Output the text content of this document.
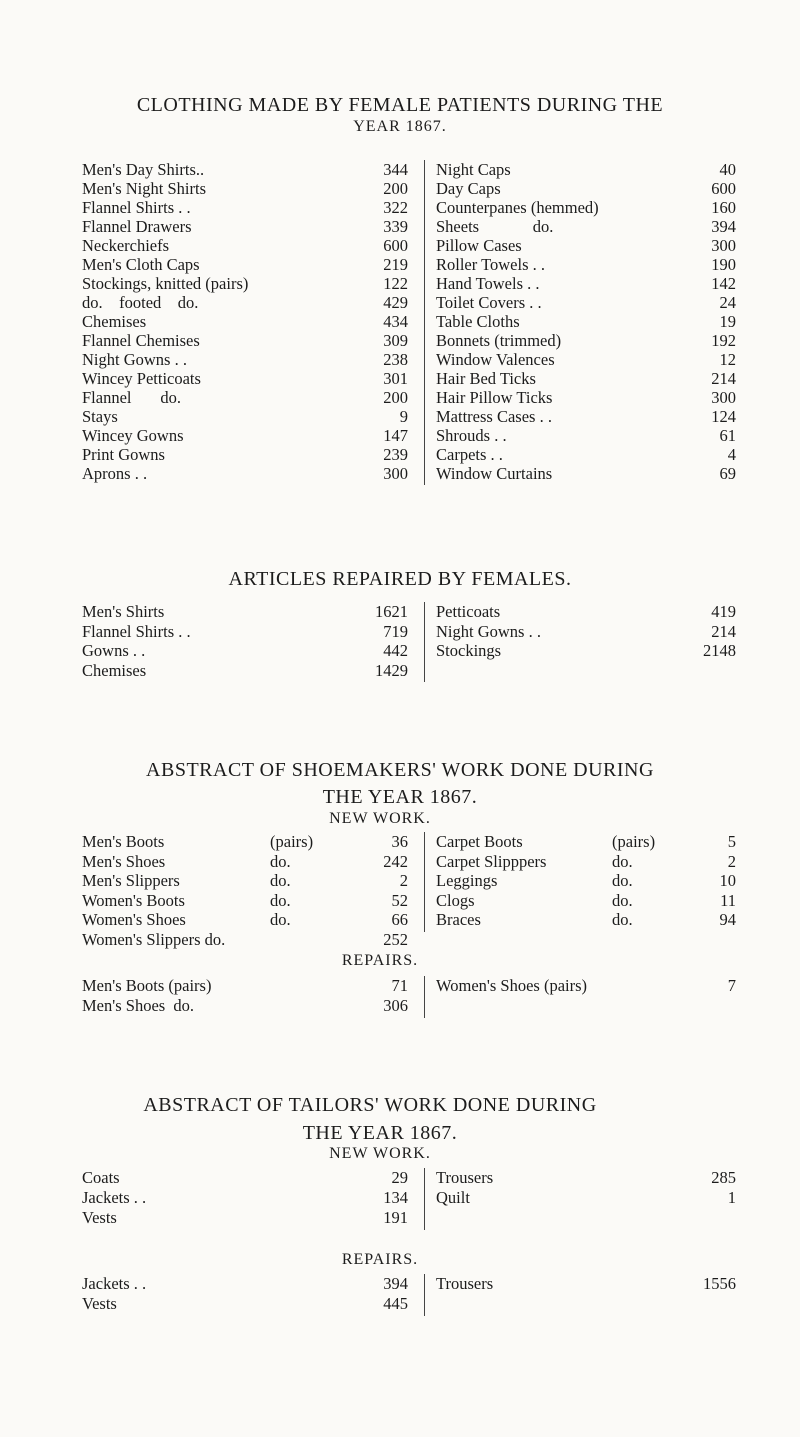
CLOTHING MADE BY FEMALE PATIENTS DURING THE
YEAR 1867.
Men's Day Shirts..	344
Men's Night Shirts	200
Flannel Shirts . .	322
Flannel Drawers	339
Neckerchiefs	600
Men's Cloth Caps	219
Stockings, knitted (pairs)	122
do.    footed    do.	429
Chemises	434
Flannel Chemises	309
Night Gowns . .	238
Wincey Petticoats	301
Flannel       do.	200
Stays	9
Wincey Gowns	147
Print Gowns	239
Aprons . .	300
Night Caps	40
Day Caps	600
Counterpanes (hemmed)	160
Sheets             do.	394
Pillow Cases	300
Roller Towels . .	190
Hand Towels . .	142
Toilet Covers . .	24
Table Cloths	19
Bonnets (trimmed)	192
Window Valences	12
Hair Bed Ticks	214
Hair Pillow Ticks	300
Mattress Cases . .	124
Shrouds . .	61
Carpets . .	4
Window Curtains	69
ARTICLES REPAIRED BY FEMALES.
Men's Shirts	1621
Flannel Shirts . .	719
Gowns . .	442
Chemises	1429
Petticoats	419
Night Gowns . .	214
Stockings	2148
ABSTRACT OF SHOEMAKERS' WORK DONE DURING
THE YEAR 1867.
NEW WORK.
Men's Boots	(pairs)	36
Men's Shoes	do.	242
Men's Slippers	do.	2
Women's Boots	do.	52
Women's Shoes	do.	66
Women's Slippers do.	252
Carpet Boots	(pairs)	5
Carpet Slipppers	do.	2
Leggings	do.	10
Clogs	do.	11
Braces	do.	94
REPAIRS.
Men's Boots (pairs)	71
Men's Shoes  do.	306
Women's Shoes (pairs)	7
ABSTRACT OF TAILORS' WORK DONE DURING
THE YEAR 1867.
NEW WORK.
Coats	29
Jackets . .	134
Vests	191
Trousers	285
Quilt	1
REPAIRS.
Jackets . .	394
Vests	445
Trousers	1556
